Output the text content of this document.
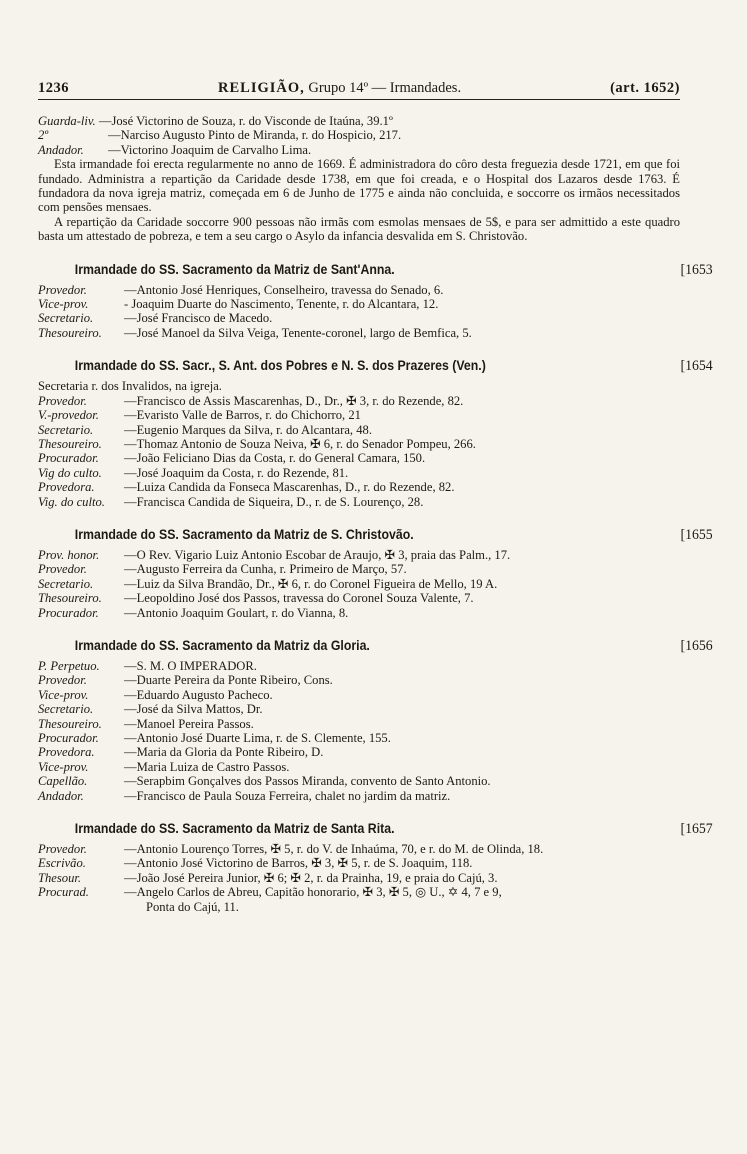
1236	RELIGIÃO, Grupo 14º — Irmandades.	(art. 1652)
Guarda-liv. —José Victorino de Souza, r. do Visconde de Itaúna, 39.1º
2º	—Narciso Augusto Pinto de Miranda, r. do Hospicio, 217.
Andador. —Victorino Joaquim de Carvalho Lima.
Esta irmandade foi erecta regularmente no anno de 1669. É administradora do côro desta freguezia desde 1721, em que foi fundado. Administra a repartição da Caridade desde 1738, em que foi creada, e o Hospital dos Lazaros desde 1763. É fundadora da nova igreja matriz, começada em 6 de Junho de 1775 e ainda não concluida, e soccorre os irmãos necessitados com pensões mensaes.
A repartição da Caridade soccorre 900 pessoas não irmãs com esmolas mensaes de 5$, e para ser admittido a este quadro basta um attestado de pobreza, e tem a seu cargo o Asylo da infancia desvalida em S. Christovão.
Irmandade do SS. Sacramento da Matriz de Sant'Anna.	[1653
Provedor.	—Antonio José Henriques, Conselheiro, travessa do Senado, 6.
Vice-prov.	- Joaquim Duarte do Nascimento, Tenente, r. do Alcantara, 12.
Secretario. —José Francisco de Macedo.
Thesoureiro. —José Manoel da Silva Veiga, Tenente-coronel, largo de Bemfica, 5.
Irmandade do SS. Sacr., S. Ant. dos Pobres e N. S. dos Prazeres (Ven.)	[1654
Secretaria r. dos Invalidos, na igreja.
Provedor.	—Francisco de Assis Mascarenhas, D., Dr., ✠ 3, r. do Rezende, 82.
V.-provedor. —Evaristo Valle de Barros, r. do Chichorro, 21
Secretario. —Eugenio Marques da Silva, r. do Alcantara, 48.
Thesoureiro. —Thomaz Antonio de Souza Neiva, ✠ 6, r. do Senador Pompeu, 266.
Procurador. —João Feliciano Dias da Costa, r. do General Camara, 150.
Vig do culto. —José Joaquim da Costa, r. do Rezende, 81.
Provedora. —Luiza Candida da Fonseca Mascarenhas, D., r. do Rezende, 82.
Vig. do culto. —Francisca Candida de Siqueira, D., r. de S. Lourenço, 28.
Irmandade do SS. Sacramento da Matriz de S. Christovão.	[1655
Prov. honor. —O Rev. Vigario Luiz Antonio Escobar de Araujo, ✠ 3, praia das Palm., 17.
Provedor.	—Augusto Ferreira da Cunha, r. Primeiro de Março, 57.
Secretario. —Luiz da Silva Brandão, Dr., ✠ 6, r. do Coronel Figueira de Mello, 19 A.
Thesoureiro. —Leopoldino José dos Passos, travessa do Coronel Souza Valente, 7.
Procurador. —Antonio Joaquim Goulart, r. do Vianna, 8.
Irmandade do SS. Sacramento da Matriz da Gloria.	[1656
P. Perpetuo. —S. M. O IMPERADOR.
Provedor.	—Duarte Pereira da Ponte Ribeiro, Cons.
Vice-prov.	—Eduardo Augusto Pacheco.
Secretario. —José da Silva Mattos, Dr.
Thesoureiro. —Manoel Pereira Passos.
Procurador. —Antonio José Duarte Lima, r. de S. Clemente, 155.
Provedora. —Maria da Gloria da Ponte Ribeiro, D.
Vice-prov.	—Maria Luiza de Castro Passos.
Capellão.	—Serapbim Gonçalves dos Passos Miranda, convento de Santo Antonio.
Andador.	—Francisco de Paula Souza Ferreira, chalet no jardim da matriz.
Irmandade do SS. Sacramento da Matriz de Santa Rita.	[1657
Provedor.	—Antonio Lourenço Torres, ✠ 5, r. do V. de Inhaúma, 70, e r. do M. de Olinda, 18.
Escrivão.	—Antonio José Victorino de Barros, ✠ 3, ✠ 5, r. de S. Joaquim, 118.
Thesour.	—João José Pereira Junior, ✠ 6; ✠ 2, r. da Prainha, 19, e praia do Cajú, 3.
Procurad.	—Angelo Carlos de Abreu, Capitão honorario, ✠ 3, ✠ 5, ◎ U., ✡ 4, 7 e 9,
Ponta do Cajú, 11.
